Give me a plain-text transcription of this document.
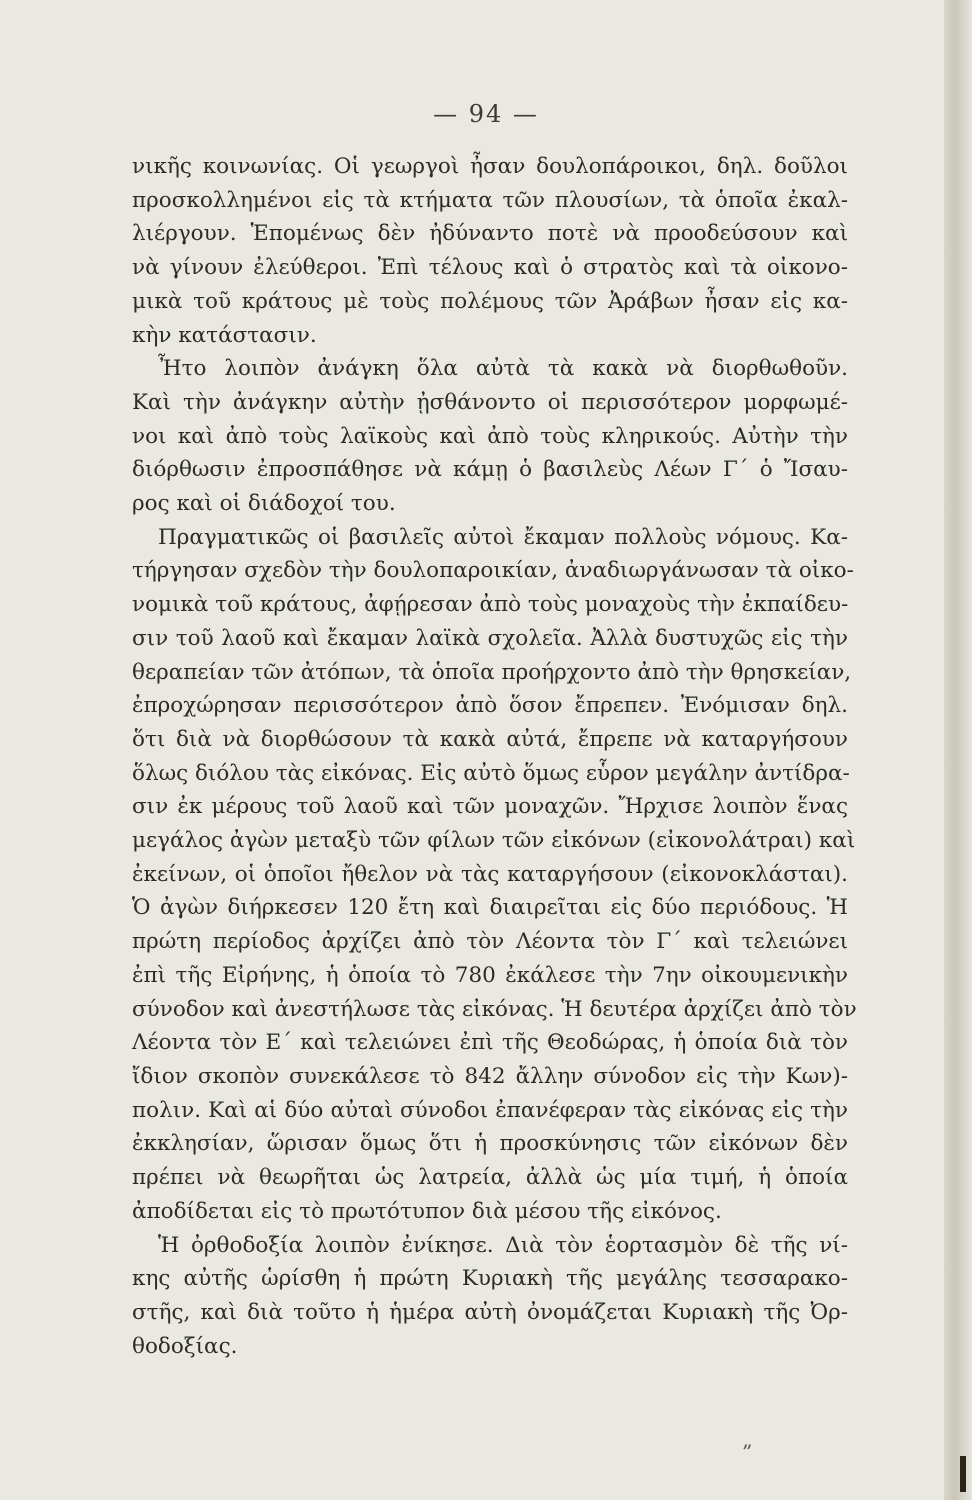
— 94 —
νικῆς κοινωνίας. Οἱ γεωργοὶ ἦσαν δουλοπάροικοι, δηλ. δοῦλοι
προσκολλημένοι εἰς τὰ κτήματα τῶν πλουσίων, τὰ ὁποῖα ἐκαλ-
λιέργουν. Ἑπομένως δὲν ἠδύναντο ποτὲ νὰ προοδεύσουν καὶ
νὰ γίνουν ἐλεύθεροι. Ἐπὶ τέλους καὶ ὁ στρατὸς καὶ τὰ οἰκονο-
μικὰ τοῦ κράτους μὲ τοὺς πολέμους τῶν Ἀράβων ἦσαν εἰς κα-
κὴν κατάστασιν.
Ἦτο λοιπὸν ἀνάγκη ὅλα αὐτὰ τὰ κακὰ νὰ διορθωθοῦν.
Καὶ τὴν ἀνάγκην αὐτὴν ᾐσθάνοντο οἱ περισσότερον μορφωμέ-
νοι καὶ ἀπὸ τοὺς λαϊκοὺς καὶ ἀπὸ τοὺς κληρικούς. Αὐτὴν τὴν
διόρθωσιν ἐπροσπάθησε νὰ κάμῃ ὁ βασιλεὺς Λέων Γ΄ ὁ Ἴσαυ-
ρος καὶ οἱ διάδοχοί του.
Πραγματικῶς οἱ βασιλεῖς αὐτοὶ ἔκαμαν πολλοὺς νόμους. Κα-
τήργησαν σχεδὸν τὴν δουλοπαροικίαν, ἀναδιωργάνωσαν τὰ οἰκο-
νομικὰ τοῦ κράτους, ἀφῄρεσαν ἀπὸ τοὺς μοναχοὺς τὴν ἐκπαίδευ-
σιν τοῦ λαοῦ καὶ ἔκαμαν λαϊκὰ σχολεῖα. Ἀλλὰ δυστυχῶς εἰς τὴν
θεραπείαν τῶν ἀτόπων, τὰ ὁποῖα προήρχοντο ἀπὸ τὴν θρησκείαν,
ἐπροχώρησαν περισσότερον ἀπὸ ὅσον ἔπρεπεν. Ἐνόμισαν δηλ.
ὅτι διὰ νὰ διορθώσουν τὰ κακὰ αὐτά, ἔπρεπε νὰ καταργήσουν
ὅλως διόλου τὰς εἰκόνας. Εἰς αὐτὸ ὅμως εὗρον μεγάλην ἀντίδρα-
σιν ἐκ μέρους τοῦ λαοῦ καὶ τῶν μοναχῶν. Ἤρχισε λοιπὸν ἕνας
μεγάλος ἀγὼν μεταξὺ τῶν φίλων τῶν εἰκόνων (εἰκονολάτραι) καὶ
ἐκείνων, οἱ ὁποῖοι ἤθελον νὰ τὰς καταργήσουν (εἰκονοκλάσται).
Ὁ ἀγὼν διήρκεσεν 120 ἔτη καὶ διαιρεῖται εἰς δύο περιόδους. Ἡ
πρώτη περίοδος ἀρχίζει ἀπὸ τὸν Λέοντα τὸν Γ΄ καὶ τελειώνει
ἐπὶ τῆς Εἰρήνης, ἡ ὁποία τὸ 780 ἐκάλεσε τὴν 7ην οἰκουμενικὴν
σύνοδον καὶ ἀνεστήλωσε τὰς εἰκόνας. Ἡ δευτέρα ἀρχίζει ἀπὸ τὸν
Λέοντα τὸν Ε΄ καὶ τελειώνει ἐπὶ τῆς Θεοδώρας, ἡ ὁποία διὰ τὸν
ἴδιον σκοπὸν συνεκάλεσε τὸ 842 ἄλλην σύνοδον εἰς τὴν Κων)-
πολιν. Καὶ αἱ δύο αὐταὶ σύνοδοι ἐπανέφεραν τὰς εἰκόνας εἰς τὴν
ἐκκλησίαν, ὥρισαν ὅμως ὅτι ἡ προσκύνησις τῶν εἰκόνων δὲν
πρέπει νὰ θεωρῆται ὡς λατρεία, ἀλλὰ ὡς μία τιμή, ἡ ὁποία
ἀποδίδεται εἰς τὸ πρωτότυπον διὰ μέσου τῆς εἰκόνος.
Ἡ ὀρθοδοξία λοιπὸν ἐνίκησε. Διὰ τὸν ἑορτασμὸν δὲ τῆς νί-
κης αὐτῆς ὡρίσθη ἡ πρώτη Κυριακὴ τῆς μεγάλης τεσσαρακο-
στῆς, καὶ διὰ τοῦτο ἡ ἡμέρα αὐτὴ ὀνομάζεται Κυριακὴ τῆς Ὀρ-
θοδοξίας.
”
